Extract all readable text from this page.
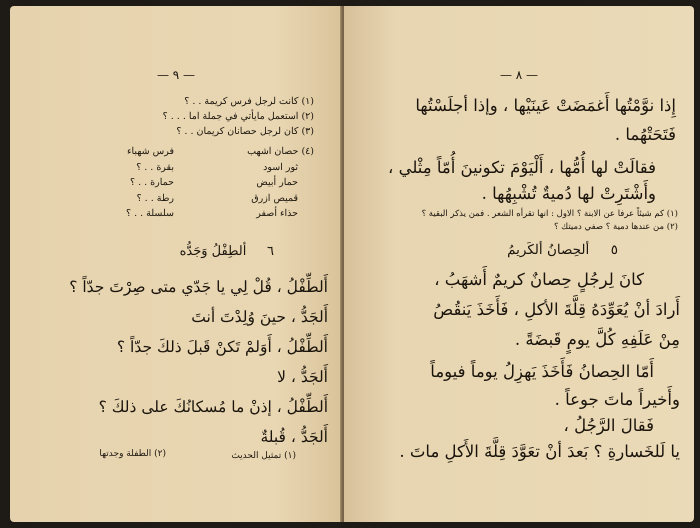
— ٩ —
(١) كانت لرجل فرس كريمة . . ؟
(٢) استعمل مايأتي في جملة اما . . . ؟
(٣) كان لرجل حصانان كريمان . . ؟
(٤) حصان اشهب
فرس شهباء
ثور اسود
بقرة . . ؟
حمار أبيض
حمارة . . ؟
قميص ازرق
رطة . . ؟
حذاء أصفر
سلسلة . . ؟
٦     ألطِفْلُ وَجَدُّه
أَلطِّفْلُ ، قُلْ لِي يا جَدّي متى صِرْتَ جدّاً ؟
أَلجَدُّ ، حينَ وُلِدْتَ أنتَ
أَلطِّفْلُ ، أَوَلمْ تَكنْ قَبلَ ذلكَ جدّاً ؟
أَلجَدُّ ، لا
أَلطِّفْلُ ، إذنْ ما مُسكانُكَ على ذلكَ ؟
أَلجَدُّ ، قُبلةٌ
(١) تمثيل الحديث
(٢) الطفلة وجدتها
— ٨ —
إِذا نوَّمْتُها أَغمَضَتْ عَينَيْها ، وإذا أجلَسْتُها
فَتَحَتْهُما .
فقالَتْ لها أُمُّها ، أَلْيَوْمَ تكونينَ أُمّاً مِثْلي ،
وأَشْتَرِتْ لها دُميةٌ تُشْبِهُها .
(١) كم شيئاً عرفا عن الابنة ؟ الاول : انها تقرأه الشعر . فمن يذكر البقية ؟
(٢) من عندها دمية ؟ صفي دميتك ؟
٥     ألحِصانُ ألكَريمُ
كانَ لِرجُلٍ حِصانٌ كريمٌ أَشهَبُ ،
أَرادَ أنْ يُعَوِّدَهُ قِلَّةَ الأكلِ ، فَأَخَذَ يَنقُصُ
مِنْ عَلَفِهِ كُلَّ يومٍ قَبضَةً .
أَمّا الحِصانُ فَأَخَذَ يَهزِلُ يوماً فيوماً
وأَخيراً ماتَ جوعاً .
فَقالَ الرَّجُلُ ،
يا لَلخَسارةِ ؟ بَعدَ أنْ تعَوَّدَ قِلَّةَ الأَكلِ ماتَ .
